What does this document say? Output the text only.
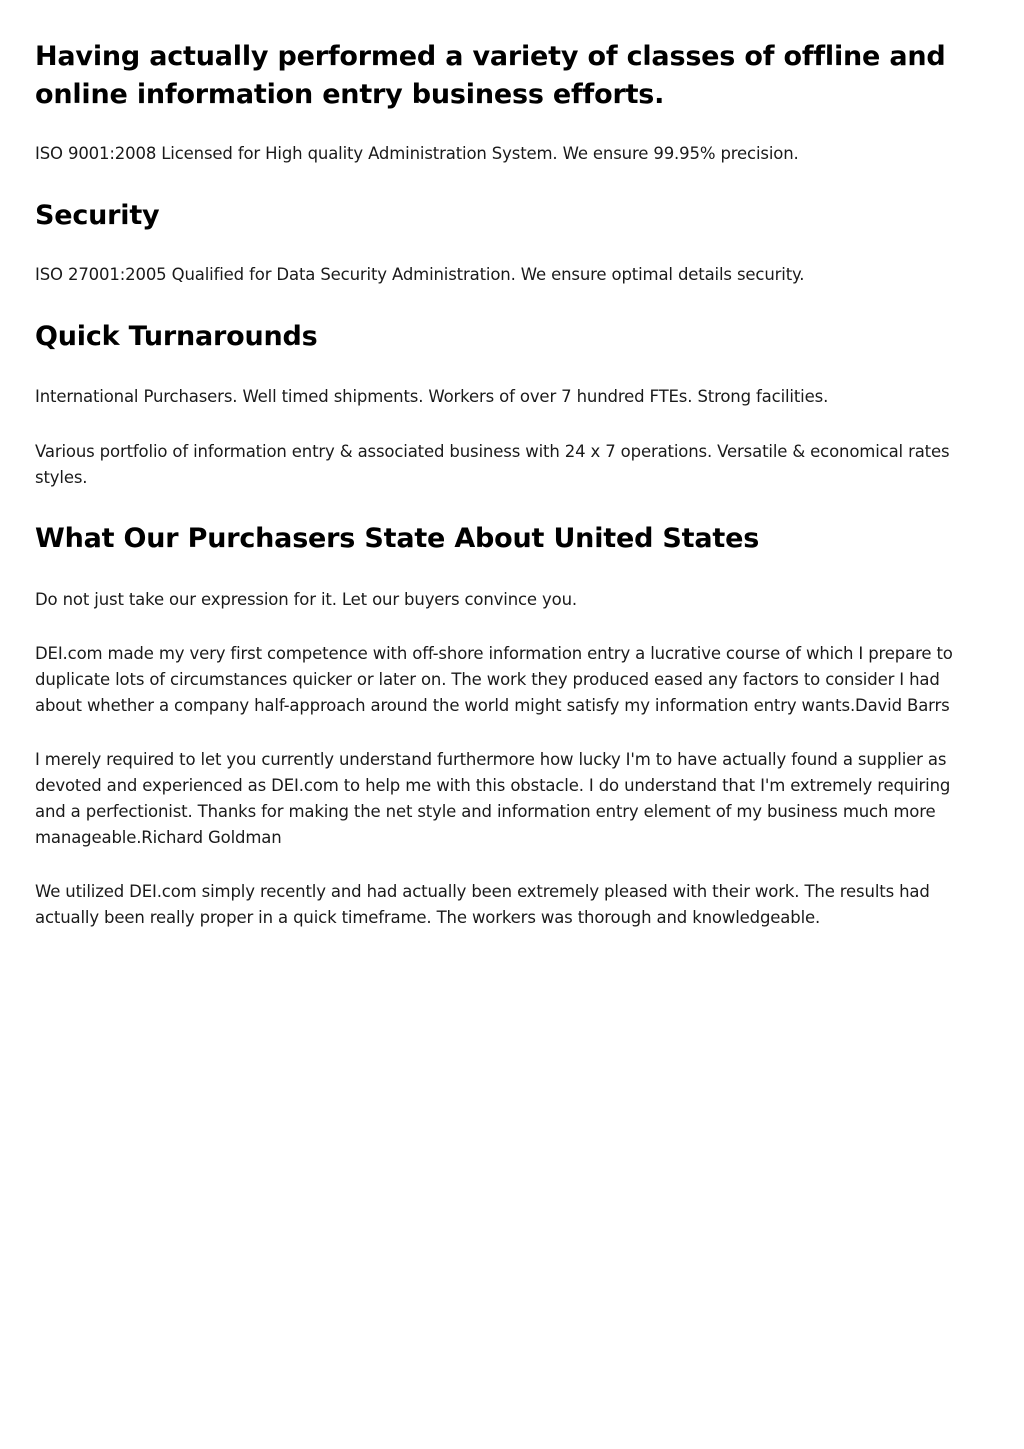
Having actually performed a variety of classes of offline and online information entry business efforts.

ISO 9001:2008 Licensed for High quality Administration System. We ensure 99.95% precision.

Security

ISO 27001:2005 Qualified for Data Security Administration. We ensure optimal details security.

Quick Turnarounds

International Purchasers. Well timed shipments. Workers of over 7 hundred FTEs. Strong facilities.

Various portfolio of information entry & associated business with 24 x 7 operations. Versatile & economical rates styles.

What Our Purchasers State About United States

Do not just take our expression for it. Let our buyers convince you.

DEI.com made my very first competence with off-shore information entry a lucrative course of which I prepare to duplicate lots of circumstances quicker or later on. The work they produced eased any factors to consider I had about whether a company half-approach around the world might satisfy my information entry wants.David Barrs

I merely required to let you currently understand furthermore how lucky I'm to have actually found a supplier as devoted and experienced as DEI.com to help me with this obstacle. I do understand that I'm extremely requiring and a perfectionist. Thanks for making the net style and information entry element of my business much more manageable.Richard Goldman

We utilized DEI.com simply recently and had actually been extremely pleased with their work. The results had actually been really proper in a quick timeframe. The workers was thorough and knowledgeable.
